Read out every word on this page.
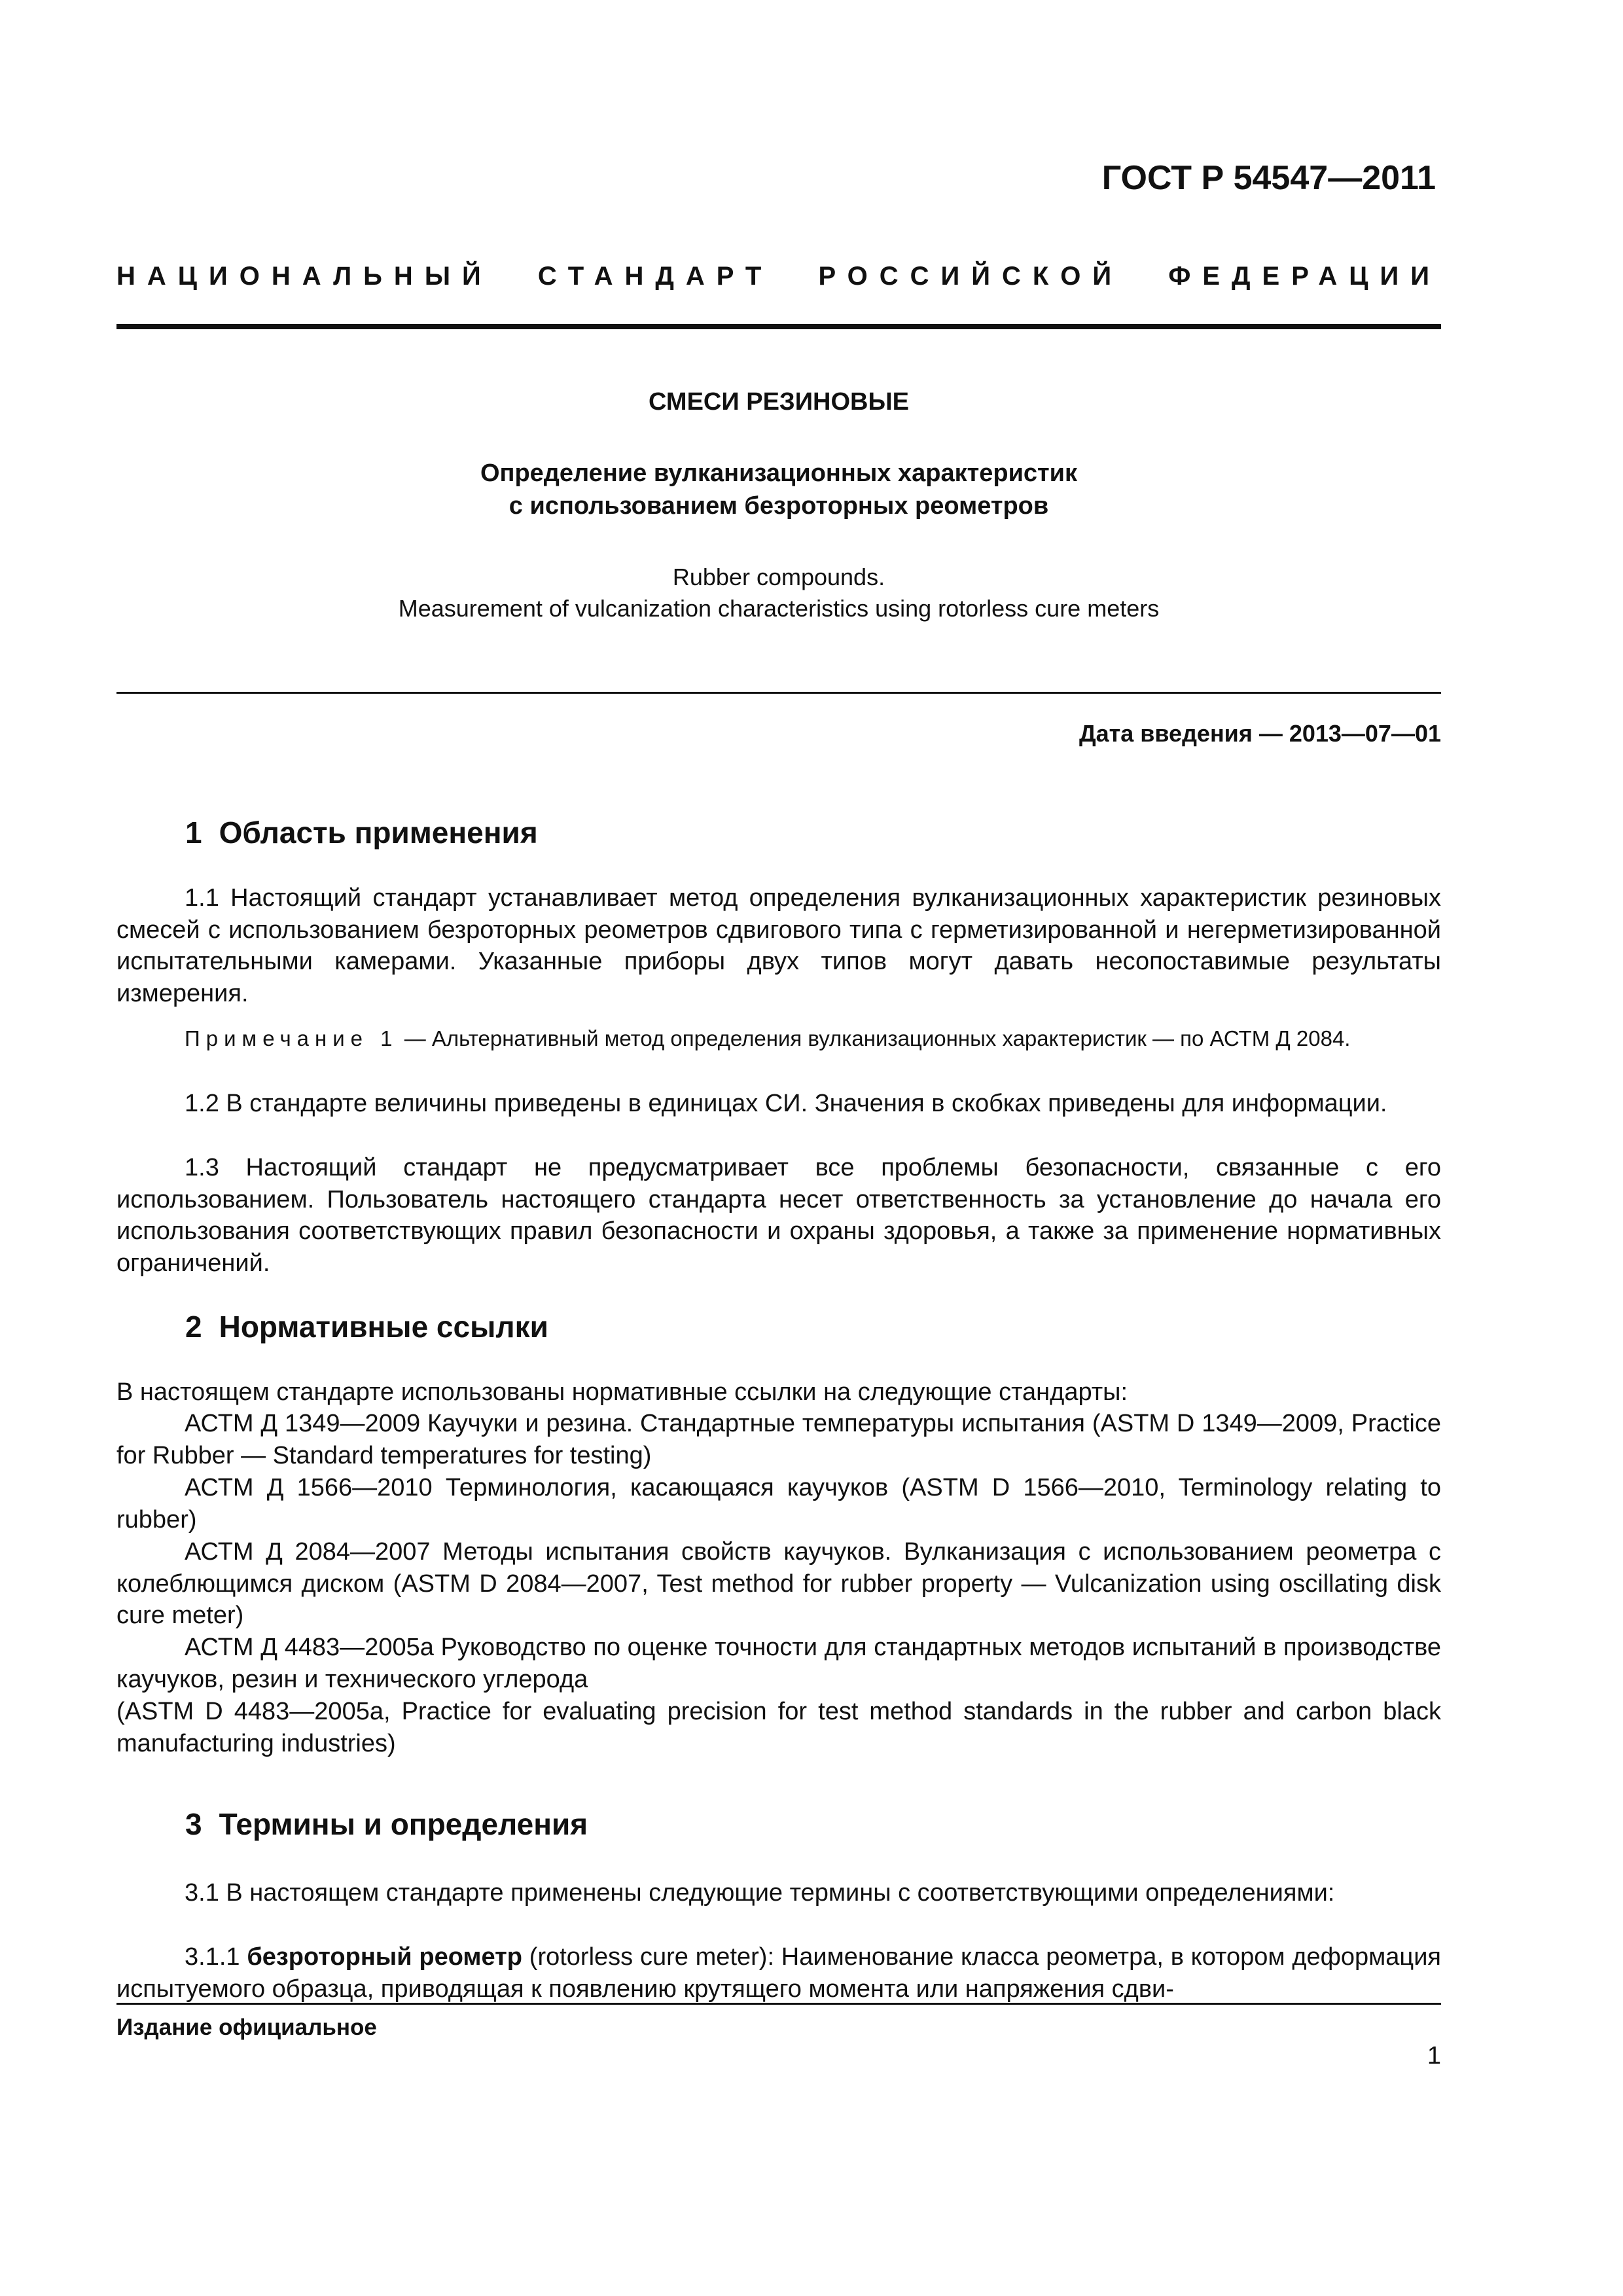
ГОСТ Р 54547—2011
НАЦИОНАЛЬНЫЙ СТАНДАРТ РОССИЙСКОЙ ФЕДЕРАЦИИ
СМЕСИ РЕЗИНОВЫЕ
Определение вулканизационных характеристик
с использованием безроторных реометров
Rubber compounds.
Measurement of vulcanization characteristics using rotorless cure meters
Дата введения — 2013—07—01
1 Область применения
1.1 Настоящий стандарт устанавливает метод определения вулканизационных характеристик резиновых смесей с использованием безроторных реометров сдвигового типа с герметизированной и негерметизированной испытательными камерами. Указанные приборы двух типов могут давать несопоставимые результаты измерения.
Примечание 1 — Альтернативный метод определения вулканизационных характеристик — по АСТМ Д 2084.
1.2 В стандарте величины приведены в единицах СИ. Значения в скобках приведены для информации.
1.3 Настоящий стандарт не предусматривает все проблемы безопасности, связанные с его использованием. Пользователь настоящего стандарта несет ответственность за установление до начала его использования соответствующих правил безопасности и охраны здоровья, а также за применение нормативных ограничений.
2 Нормативные ссылки
В настоящем стандарте использованы нормативные ссылки на следующие стандарты:
АСТМ Д 1349—2009 Каучуки и резина. Стандартные температуры испытания (ASTM D 1349—2009, Practice for Rubber — Standard temperatures for testing)
АСТМ Д 1566—2010 Терминология, касающаяся каучуков (ASTM D 1566—2010, Terminology relating to rubber)
АСТМ Д 2084—2007 Методы испытания свойств каучуков. Вулканизация с использованием реометра с колеблющимся диском (ASTM D 2084—2007, Test method for rubber property — Vulcanization using oscillating disk cure meter)
АСТМ Д 4483—2005а Руководство по оценке точности для стандартных методов испытаний в производстве каучуков, резин и технического углерода
(ASTM D 4483—2005a, Practice for evaluating precision for test method standards in the rubber and carbon black manufacturing industries)
3 Термины и определения
3.1 В настоящем стандарте применены следующие термины с соответствующими определениями:
3.1.1 безроторный реометр (rotorless cure meter): Наименование класса реометра, в котором деформация испытуемого образца, приводящая к появлению крутящего момента или напряжения сдви-
Издание официальное
1
